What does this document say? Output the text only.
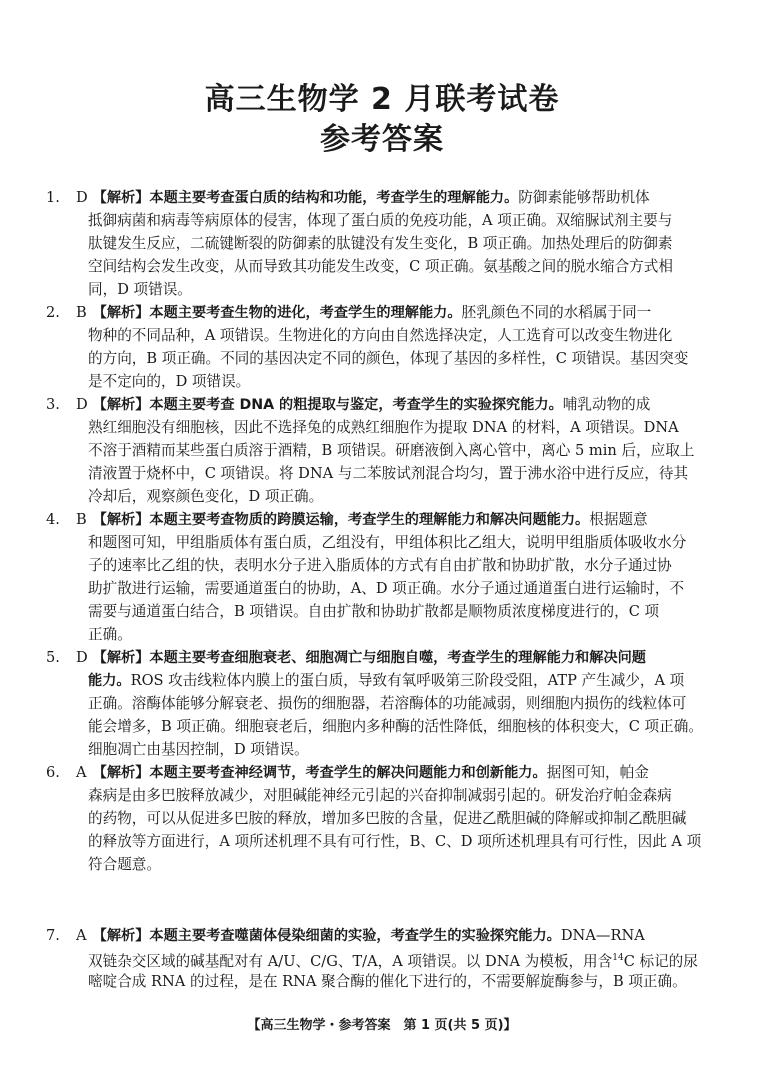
高三生物学 2 月联考试卷
参考答案
1. D 【解析】本题主要考查蛋白质的结构和功能，考查学生的理解能力。防御素能够帮助机体
抵御病菌和病毒等病原体的侵害，体现了蛋白质的免疫功能，A 项正确。双缩脲试剂主要与
肽键发生反应，二硫键断裂的防御素的肽键没有发生变化，B 项正确。加热处理后的防御素
空间结构会发生改变，从而导致其功能发生改变，C 项正确。氨基酸之间的脱水缩合方式相
同，D 项错误。
2. B 【解析】本题主要考查生物的进化，考查学生的理解能力。胚乳颜色不同的水稻属于同一
物种的不同品种，A 项错误。生物进化的方向由自然选择决定，人工选育可以改变生物进化
的方向，B 项正确。不同的基因决定不同的颜色，体现了基因的多样性，C 项错误。基因突变
是不定向的，D 项错误。
3. D 【解析】本题主要考查 DNA 的粗提取与鉴定，考查学生的实验探究能力。哺乳动物的成
熟红细胞没有细胞核，因此不选择兔的成熟红细胞作为提取 DNA 的材料，A 项错误。DNA
不溶于酒精而某些蛋白质溶于酒精，B 项错误。研磨液倒入离心管中，离心 5 min 后，应取上
清液置于烧杯中，C 项错误。将 DNA 与二苯胺试剂混合均匀，置于沸水浴中进行反应，待其
冷却后，观察颜色变化，D 项正确。
4. B 【解析】本题主要考查物质的跨膜运输，考查学生的理解能力和解决问题能力。根据题意
和题图可知，甲组脂质体有蛋白质，乙组没有，甲组体积比乙组大，说明甲组脂质体吸收水分
子的速率比乙组的快，表明水分子进入脂质体的方式有自由扩散和协助扩散，水分子通过协
助扩散进行运输，需要通道蛋白的协助，A、D 项正确。水分子通过通道蛋白进行运输时，不
需要与通道蛋白结合，B 项错误。自由扩散和协助扩散都是顺物质浓度梯度进行的，C 项
正确。
5. D 【解析】本题主要考查细胞衰老、细胞凋亡与细胞自噬，考查学生的理解能力和解决问题
能力。ROS 攻击线粒体内膜上的蛋白质，导致有氧呼吸第三阶段受阻，ATP 产生减少，A 项
正确。溶酶体能够分解衰老、损伤的细胞器，若溶酶体的功能减弱，则细胞内损伤的线粒体可
能会增多，B 项正确。细胞衰老后，细胞内多种酶的活性降低，细胞核的体积变大，C 项正确。
细胞凋亡由基因控制，D 项错误。
6. A 【解析】本题主要考查神经调节，考查学生的解决问题能力和创新能力。据图可知，帕金
森病是由多巴胺释放减少，对胆碱能神经元引起的兴奋抑制减弱引起的。研发治疗帕金森病
的药物，可以从促进多巴胺的释放，增加多巴胺的含量，促进乙酰胆碱的降解或抑制乙酰胆碱
的释放等方面进行，A 项所述机理不具有可行性，B、C、D 项所述机理具有可行性，因此 A 项
符合题意。
7. A 【解析】本题主要考查噬菌体侵染细菌的实验，考查学生的实验探究能力。DNA—RNA
双链杂交区域的碱基配对有 A/U、C/G、T/A，A 项错误。以 DNA 为模板，用含$^{14}$C 标记的尿
嘧啶合成 RNA 的过程，是在 RNA 聚合酶的催化下进行的，不需要解旋酶参与，B 项正确。
【高三生物学・参考答案　第 1 页(共 5 页)】
